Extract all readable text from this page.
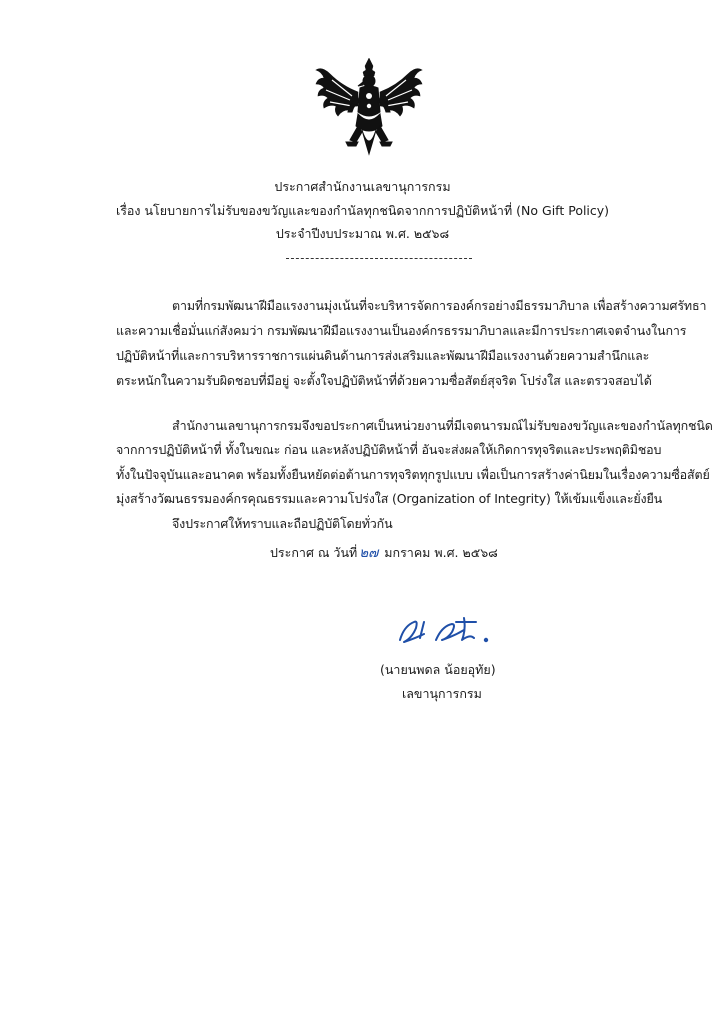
ประกาศสำนักงานเลขานุการกรม
เรื่อง นโยบายการไม่รับของขวัญและของกำนัลทุกชนิดจากการปฏิบัติหน้าที่ (No Gift Policy)
ประจำปีงบประมาณ พ.ศ. ๒๕๖๘
ตามที่กรมพัฒนาฝีมือแรงงานมุ่งเน้นที่จะบริหารจัดการองค์กรอย่างมีธรรมาภิบาล เพื่อสร้างความศรัทธา
และความเชื่อมั่นแก่สังคมว่า กรมพัฒนาฝีมือแรงงานเป็นองค์กรธรรมาภิบาลและมีการประกาศเจตจำนงในการ
ปฏิบัติหน้าที่และการบริหารราชการแผ่นดินด้านการส่งเสริมและพัฒนาฝีมือแรงงานด้วยความสำนึกและ
ตระหนักในความรับผิดชอบที่มีอยู่ จะตั้งใจปฏิบัติหน้าที่ด้วยความซื่อสัตย์สุจริต โปร่งใส และตรวจสอบได้
สำนักงานเลขานุการกรมจึงขอประกาศเป็นหน่วยงานที่มีเจตนารมณ์ไม่รับของขวัญและของกำนัลทุกชนิด
จากการปฏิบัติหน้าที่ ทั้งในขณะ ก่อน และหลังปฏิบัติหน้าที่ อันจะส่งผลให้เกิดการทุจริตและประพฤติมิชอบ
ทั้งในปัจจุบันและอนาคต พร้อมทั้งยืนหยัดต่อต้านการทุจริตทุกรูปแบบ เพื่อเป็นการสร้างค่านิยมในเรื่องความซื่อสัตย์
มุ่งสร้างวัฒนธรรมองค์กรคุณธรรมและความโปร่งใส (Organization of Integrity) ให้เข้มแข็งและยั่งยืน
จึงประกาศให้ทราบและถือปฏิบัติโดยทั่วกัน
ประกาศ ณ วันที่ ๒๗ มกราคม พ.ศ. ๒๕๖๘
(นายนพดล น้อยอุทัย)
เลขานุการกรม
